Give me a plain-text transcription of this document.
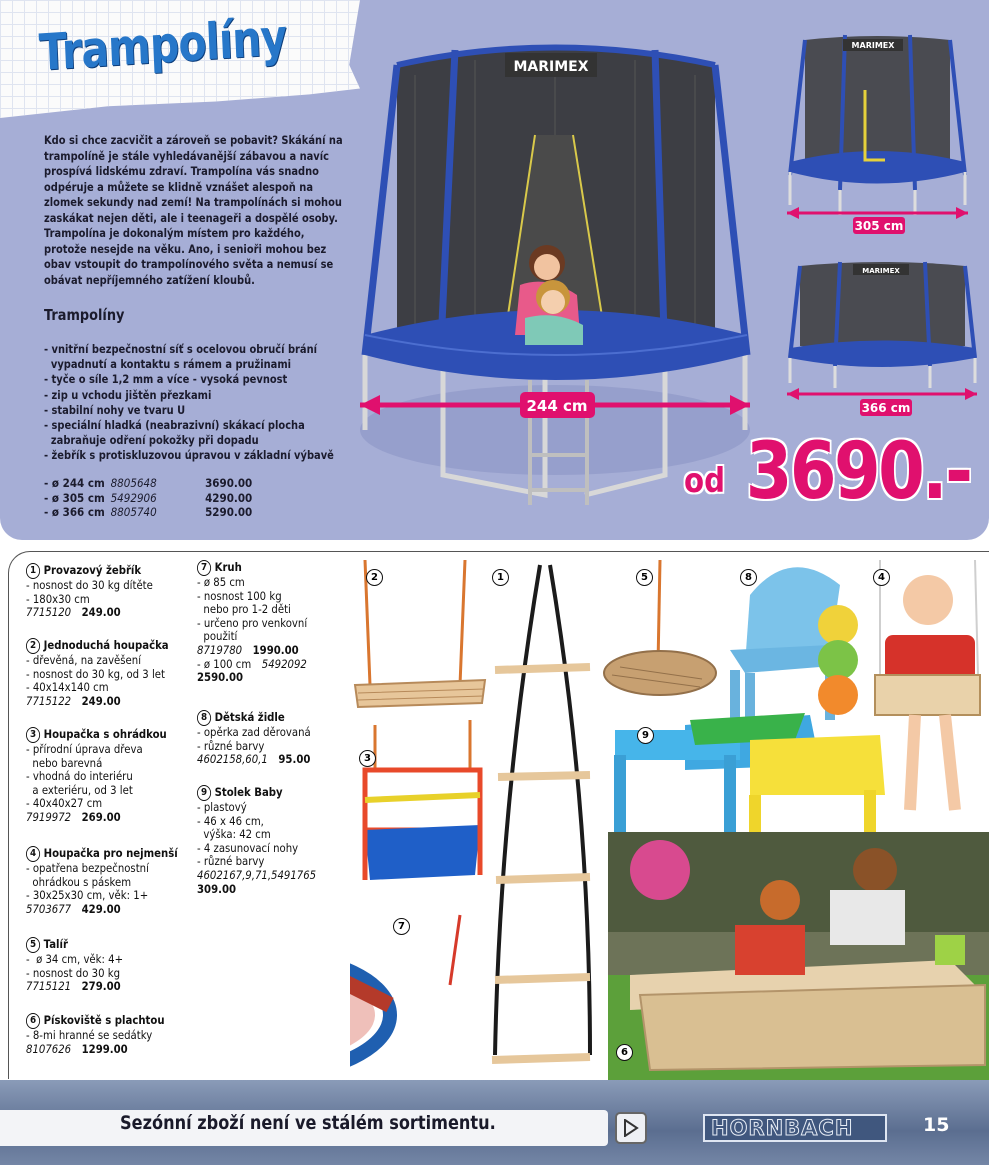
Trampolíny

Kdo si chce zacvičit a zároveň se pobavit? Skákání na trampolíně je stále vyhledávanější zábavou a navíc prospívá lidskému zdraví. Trampolína vás snadno odpéruje a můžete se klidně vznášet alespoň na zlomek sekundy nad zemí! Na trampolínách si mohou zaskákat nejen děti, ale i teenageři a dospělé osoby. Trampolína je dokonalým místem pro každého, protože nesejde na věku. Ano, i senioři mohou bez obav vstoupit do trampolínového světa a nemusí se obávat nepříjemného zatížení kloubů.

Trampolíny
- vnitřní bezpečnostní síť s ocelovou obručí brání
vypadnutí a kontaktu s rámem a pružinami
- tyče o síle 1,2 mm a více - vysoká pevnost
- zip u vchodu jištěn přezkami
- stabilní nohy ve tvaru U
- speciální hladká (neabrazivní) skákací plocha
zabraňuje odření pokožky při dopadu
- žebřík s protiskluzovou úpravou v základní výbavě
- ø 244 cm 8805648	3690.00
- ø 305 cm 5492906	4290.00
- ø 366 cm 8805740	5290.00
MARIMEX
244 cm
MARIMEX
305 cm
MARIMEX
366 cm
od 3690.-
1 Provazový žebřík
- nosnost do 30 kg dítěte
- 180x30 cm
7715120 249.00
2 Jednoduchá houpačka
- dřevěná, na zavěšení
- nosnost do 30 kg, od 3 let
- 40x14x140 cm
7715122 249.00
3 Houpačka s ohrádkou
- přírodní úprava dřeva
nebo barevná
- vhodná do interiéru
a exteriéru, od 3 let
- 40x40x27 cm
7919972 269.00
4 Houpačka pro nejmenší
- opatřena bezpečnostní
ohrádkou s páskem
- 30x25x30 cm, věk: 1+
5703677 429.00
5 Talíř
-  ø 34 cm, věk: 4+
- nosnost do 30 kg
7715121 279.00
6 Pískoviště s plachtou
- 8-mi hranné se sedátky
8107626 1299.00
7 Kruh
- ø 85 cm
- nosnost 100 kg
nebo pro 1-2 děti
- určeno pro venkovní
použití
8719780 1990.00
- ø 100 cm 5492092
2590.00
8 Dětská židle
- opěrka zad děrovaná
- různé barvy
4602158,60,1 95.00
9 Stolek Baby
- plastový
- 46 x 46 cm,
výška: 42 cm
- 4 zasunovací nohy
- různé barvy
4602167,9,71,5491765
309.00
2	1	5	8	4
3
9
7
6
Sezónní zboží není ve stálém sortimentu.	HORNBACH	15
